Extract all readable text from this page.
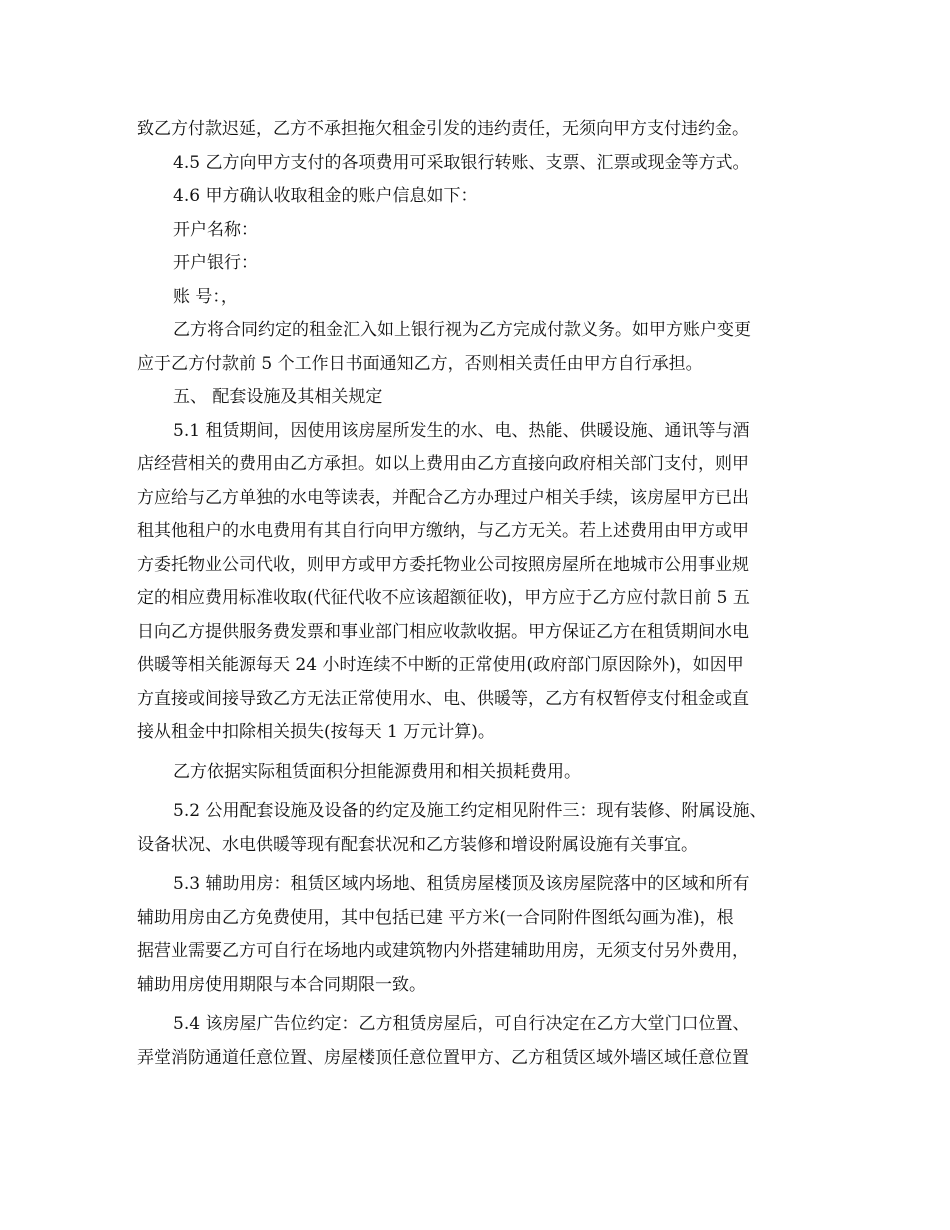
致乙方付款迟延，乙方不承担拖欠租金引发的违约责任，无须向甲方支付违约金。
4.5 乙方向甲方支付的各项费用可采取银行转账、支票、汇票或现金等方式。
4.6 甲方确认收取租金的账户信息如下：
开户名称：
开户银行：
账 号：，
乙方将合同约定的租金汇入如上银行视为乙方完成付款义务。如甲方账户变更
应于乙方付款前 5 个工作日书面通知乙方，否则相关责任由甲方自行承担。
五、 配套设施及其相关规定
5.1 租赁期间，因使用该房屋所发生的水、电、热能、供暖设施、通讯等与酒
店经营相关的费用由乙方承担。如以上费用由乙方直接向政府相关部门支付，则甲
方应给与乙方单独的水电等读表，并配合乙方办理过户相关手续，该房屋甲方已出
租其他租户的水电费用有其自行向甲方缴纳，与乙方无关。若上述费用由甲方或甲
方委托物业公司代收，则甲方或甲方委托物业公司按照房屋所在地城市公用事业规
定的相应费用标准收取(代征代收不应该超额征收)，甲方应于乙方应付款日前 5 五
日向乙方提供服务费发票和事业部门相应收款收据。甲方保证乙方在租赁期间水电
供暖等相关能源每天 24 小时连续不中断的正常使用(政府部门原因除外)，如因甲
方直接或间接导致乙方无法正常使用水、电、供暖等，乙方有权暂停支付租金或直
接从租金中扣除相关损失(按每天 1 万元计算)。
乙方依据实际租赁面积分担能源费用和相关损耗费用。
5.2 公用配套设施及设备的约定及施工约定相见附件三：现有装修、附属设施、
设备状况、水电供暖等现有配套状况和乙方装修和增设附属设施有关事宜。
5.3 辅助用房：租赁区域内场地、租赁房屋楼顶及该房屋院落中的区域和所有
辅助用房由乙方免费使用，其中包括已建 平方米(一合同附件图纸勾画为准)，根
据营业需要乙方可自行在场地内或建筑物内外搭建辅助用房，无须支付另外费用，
辅助用房使用期限与本合同期限一致。
5.4 该房屋广告位约定：乙方租赁房屋后，可自行决定在乙方大堂门口位置、
弄堂消防通道任意位置、房屋楼顶任意位置甲方、乙方租赁区域外墙区域任意位置
